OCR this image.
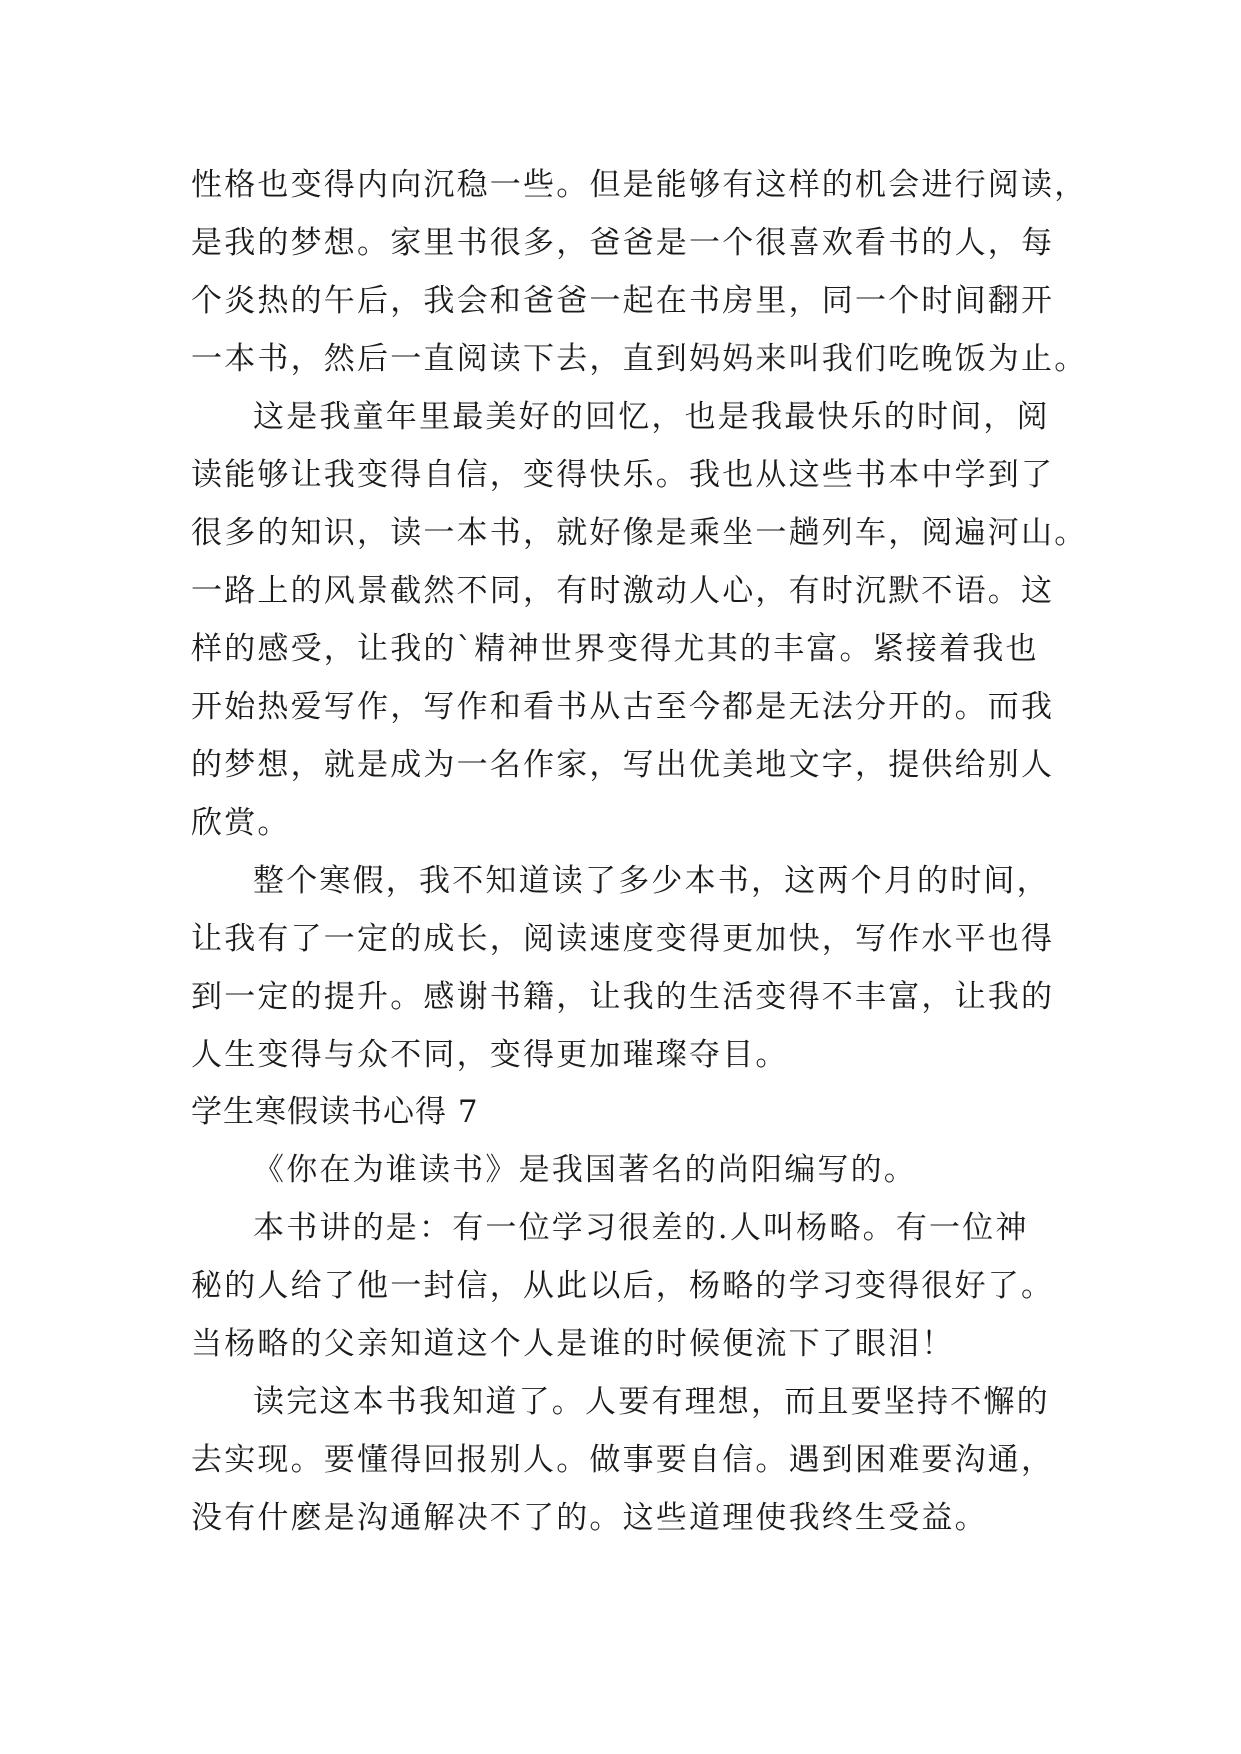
性格也变得内向沉稳一些。但是能够有这样的机会进行阅读，
是我的梦想。家里书很多，爸爸是一个很喜欢看书的人，每
个炎热的午后，我会和爸爸一起在书房里，同一个时间翻开
一本书，然后一直阅读下去，直到妈妈来叫我们吃晚饭为止。
这是我童年里最美好的回忆，也是我最快乐的时间，阅
读能够让我变得自信，变得快乐。我也从这些书本中学到了
很多的知识，读一本书，就好像是乘坐一趟列车，阅遍河山。
一路上的风景截然不同，有时激动人心，有时沉默不语。这
样的感受，让我的`精神世界变得尤其的丰富。紧接着我也
开始热爱写作，写作和看书从古至今都是无法分开的。而我
的梦想，就是成为一名作家，写出优美地文字，提供给别人
欣赏。
整个寒假，我不知道读了多少本书，这两个月的时间，
让我有了一定的成长，阅读速度变得更加快，写作水平也得
到一定的提升。感谢书籍，让我的生活变得不丰富，让我的
人生变得与众不同，变得更加璀璨夺目。
学生寒假读书心得 7
《你在为谁读书》是我国著名的尚阳编写的。
本书讲的是：有一位学习很差的.人叫杨略。有一位神
秘的人给了他一封信，从此以后，杨略的学习变得很好了。
当杨略的父亲知道这个人是谁的时候便流下了眼泪！
读完这本书我知道了。人要有理想，而且要坚持不懈的
去实现。要懂得回报别人。做事要自信。遇到困难要沟通，
没有什麽是沟通解决不了的。这些道理使我终生受益。
